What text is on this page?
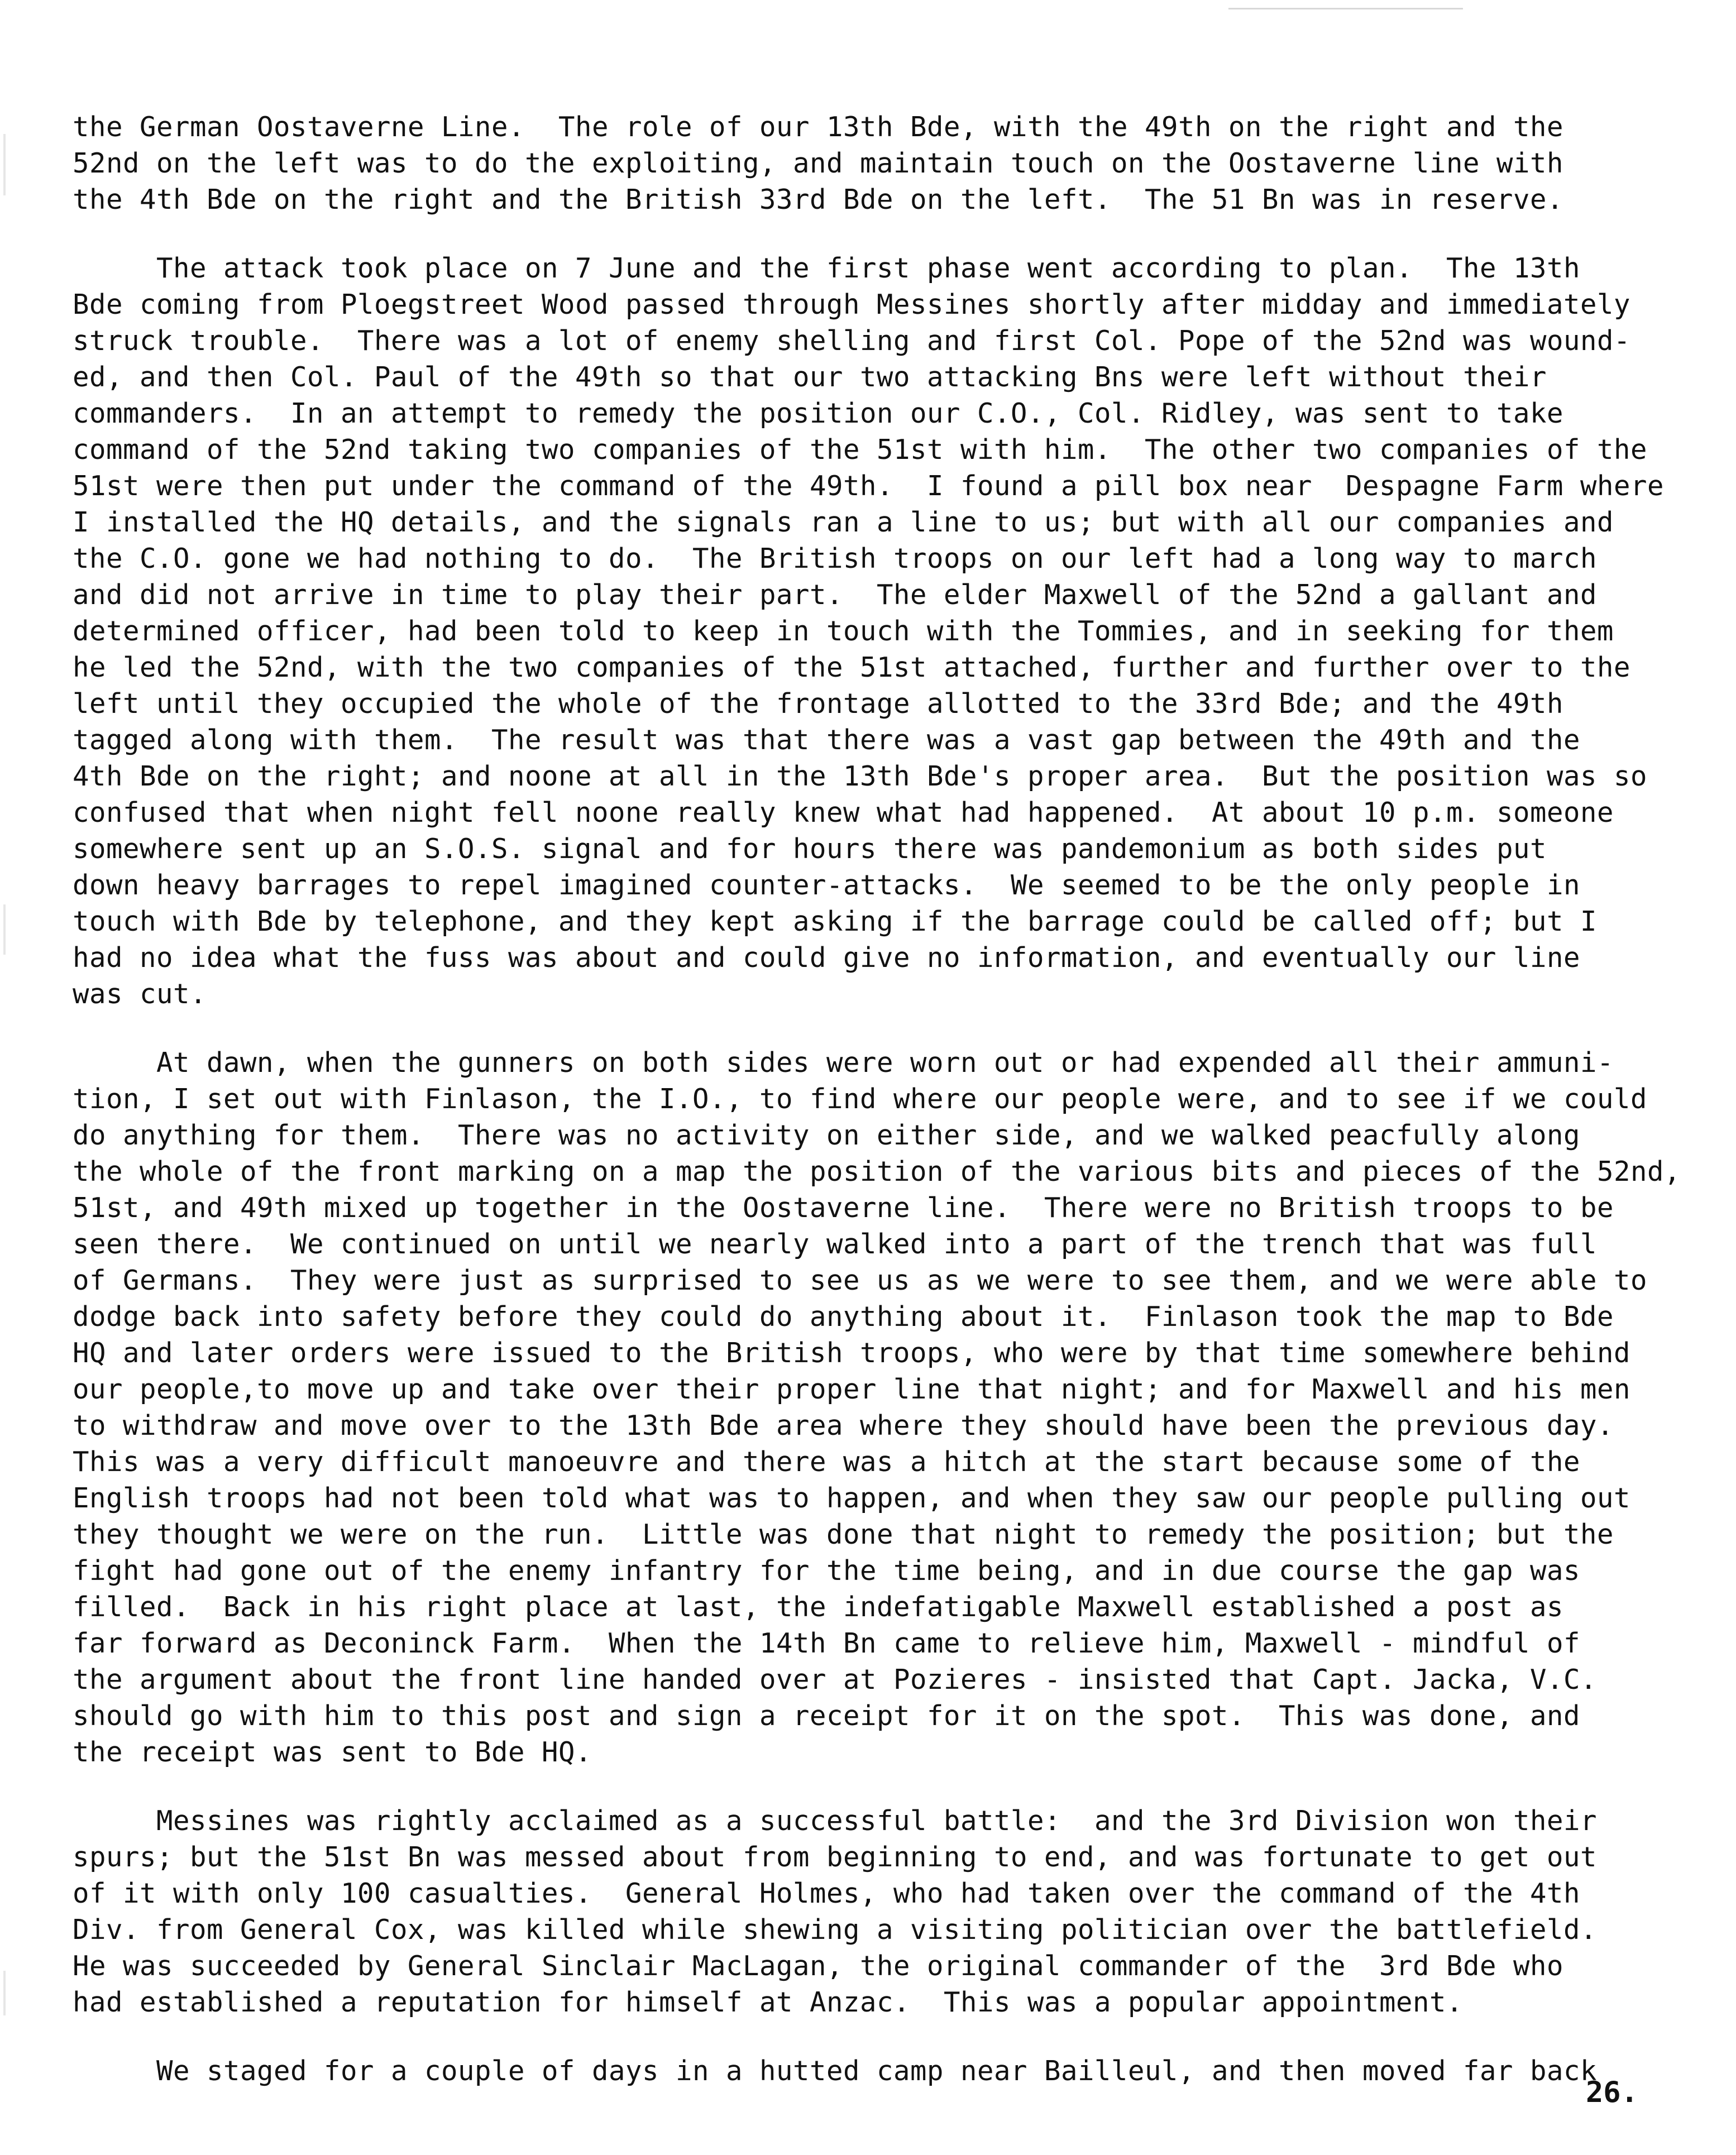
the German Oostaverne Line.  The role of our 13th Bde, with the 49th on the right and the
52nd on the left was to do the exploiting, and maintain touch on the Oostaverne line with
the 4th Bde on the right and the British 33rd Bde on the left.  The 51 Bn was in reserve.
The attack took place on 7 June and the first phase went according to plan.  The 13th
Bde coming from Ploegstreet Wood passed through Messines shortly after midday and immediately
struck trouble.  There was a lot of enemy shelling and first Col. Pope of the 52nd was wound-
ed, and then Col. Paul of the 49th so that our two attacking Bns were left without their
commanders.  In an attempt to remedy the position our C.O., Col. Ridley, was sent to take
command of the 52nd taking two companies of the 51st with him.  The other two companies of the
51st were then put under the command of the 49th.  I found a pill box near  Despagne Farm where
I installed the HQ details, and the signals ran a line to us; but with all our companies and
the C.O. gone we had nothing to do.  The British troops on our left had a long way to march
and did not arrive in time to play their part.  The elder Maxwell of the 52nd a gallant and
determined officer, had been told to keep in touch with the Tommies, and in seeking for them
he led the 52nd, with the two companies of the 51st attached, further and further over to the
left until they occupied the whole of the frontage allotted to the 33rd Bde; and the 49th
tagged along with them.  The result was that there was a vast gap between the 49th and the
4th Bde on the right; and noone at all in the 13th Bde's proper area.  But the position was so
confused that when night fell noone really knew what had happened.  At about 10 p.m. someone
somewhere sent up an S.O.S. signal and for hours there was pandemonium as both sides put
down heavy barrages to repel imagined counter-attacks.  We seemed to be the only people in
touch with Bde by telephone, and they kept asking if the barrage could be called off; but I
had no idea what the fuss was about and could give no information, and eventually our line
was cut.
At dawn, when the gunners on both sides were worn out or had expended all their ammuni-
tion, I set out with Finlason, the I.O., to find where our people were, and to see if we could
do anything for them.  There was no activity on either side, and we walked peacfully along
the whole of the front marking on a map the position of the various bits and pieces of the 52nd,
51st, and 49th mixed up together in the Oostaverne line.  There were no British troops to be
seen there.  We continued on until we nearly walked into a part of the trench that was full
of Germans.  They were just as surprised to see us as we were to see them, and we were able to
dodge back into safety before they could do anything about it.  Finlason took the map to Bde
HQ and later orders were issued to the British troops, who were by that time somewhere behind
our people,to move up and take over their proper line that night; and for Maxwell and his men
to withdraw and move over to the 13th Bde area where they should have been the previous day.
This was a very difficult manoeuvre and there was a hitch at the start because some of the
English troops had not been told what was to happen, and when they saw our people pulling out
they thought we were on the run.  Little was done that night to remedy the position; but the
fight had gone out of the enemy infantry for the time being, and in due course the gap was
filled.  Back in his right place at last, the indefatigable Maxwell established a post as
far forward as Deconinck Farm.  When the 14th Bn came to relieve him, Maxwell - mindful of
the argument about the front line handed over at Pozieres - insisted that Capt. Jacka, V.C.
should go with him to this post and sign a receipt for it on the spot.  This was done, and
the receipt was sent to Bde HQ.
Messines was rightly acclaimed as a successful battle:  and the 3rd Division won their
spurs; but the 51st Bn was messed about from beginning to end, and was fortunate to get out
of it with only 100 casualties.  General Holmes, who had taken over the command of the 4th
Div. from General Cox, was killed while shewing a visiting politician over the battlefield.
He was succeeded by General Sinclair MacLagan, the original commander of the  3rd Bde who
had established a reputation for himself at Anzac.  This was a popular appointment.
We staged for a couple of days in a hutted camp near Bailleul, and then moved far back
26.
